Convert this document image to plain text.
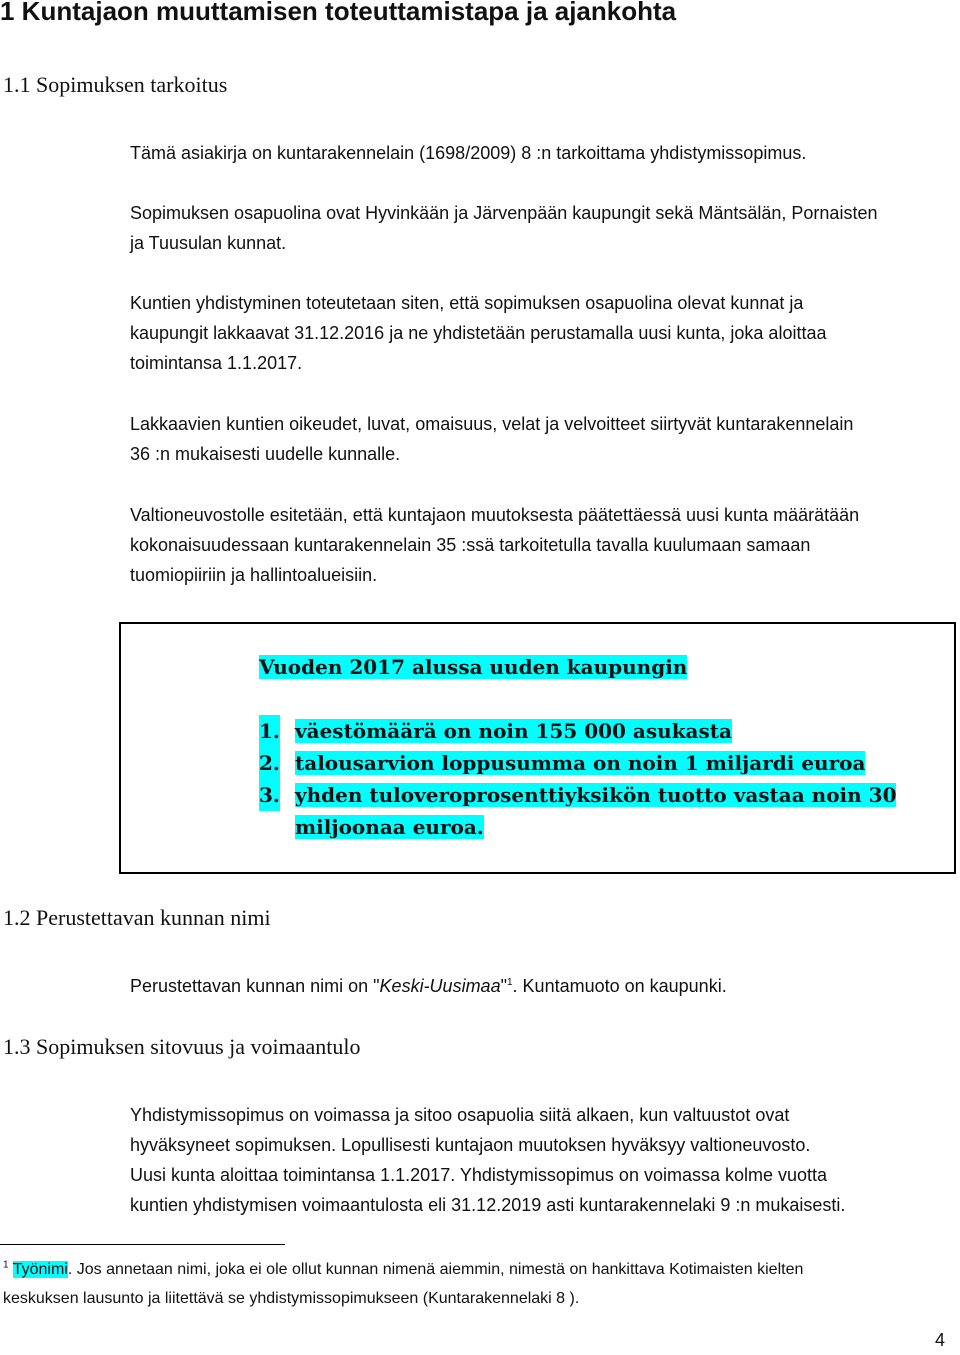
1 Kuntajaon muuttamisen toteuttamistapa ja ajankohta
1.1 Sopimuksen tarkoitus

Tämä asiakirja on kuntarakennelain (1698/2009) 8 :n tarkoittama yhdistymissopimus.

Sopimuksen osapuolina ovat Hyvinkään ja Järvenpään kaupungit sekä Mäntsälän, Pornaisten
ja Tuusulan kunnat.

Kuntien yhdistyminen toteutetaan siten, että sopimuksen osapuolina olevat kunnat ja
kaupungit lakkaavat 31.12.2016 ja ne yhdistetään perustamalla uusi kunta, joka aloittaa
toimintansa 1.1.2017.

Lakkaavien kuntien oikeudet, luvat, omaisuus, velat ja velvoitteet siirtyvät kuntarakennelain
36 :n mukaisesti uudelle kunnalle.

Valtioneuvostolle esitetään, että kuntajaon muutoksesta päätettäessä uusi kunta määrätään
kokonaisuudessaan kuntarakennelain 35 :ssä tarkoitetulla tavalla kuulumaan samaan
tuomiopiiriin ja hallintoalueisiin.

Vuoden 2017 alussa uuden kaupungin
1. väestömäärä on noin 155 000 asukasta
2. talousarvion loppusumma on noin 1 miljardi euroa
3. yhden tuloveroprosenttiyksikön tuotto vastaa noin 30
miljoonaa euroa.
1.2 Perustettavan kunnan nimi

Perustettavan kunnan nimi on "Keski-Uusimaa"$^1$. Kuntamuoto on kaupunki.

1.3 Sopimuksen sitovuus ja voimaantulo

Yhdistymissopimus on voimassa ja sitoo osapuolia siitä alkaen, kun valtuustot ovat
hyväksyneet sopimuksen. Lopullisesti kuntajaon muutoksen hyväksyy valtioneuvosto.
Uusi kunta aloittaa toimintansa 1.1.2017. Yhdistymissopimus on voimassa kolme vuotta
kuntien yhdistymisen voimaantulosta eli 31.12.2019 asti kuntarakennelaki 9 :n mukaisesti.

$^1$ Työnimi. Jos annetaan nimi, joka ei ole ollut kunnan nimenä aiemmin, nimestä on hankittava Kotimaisten kielten
keskuksen lausunto ja liitettävä se yhdistymissopimukseen (Kuntarakennelaki 8 ).

4
